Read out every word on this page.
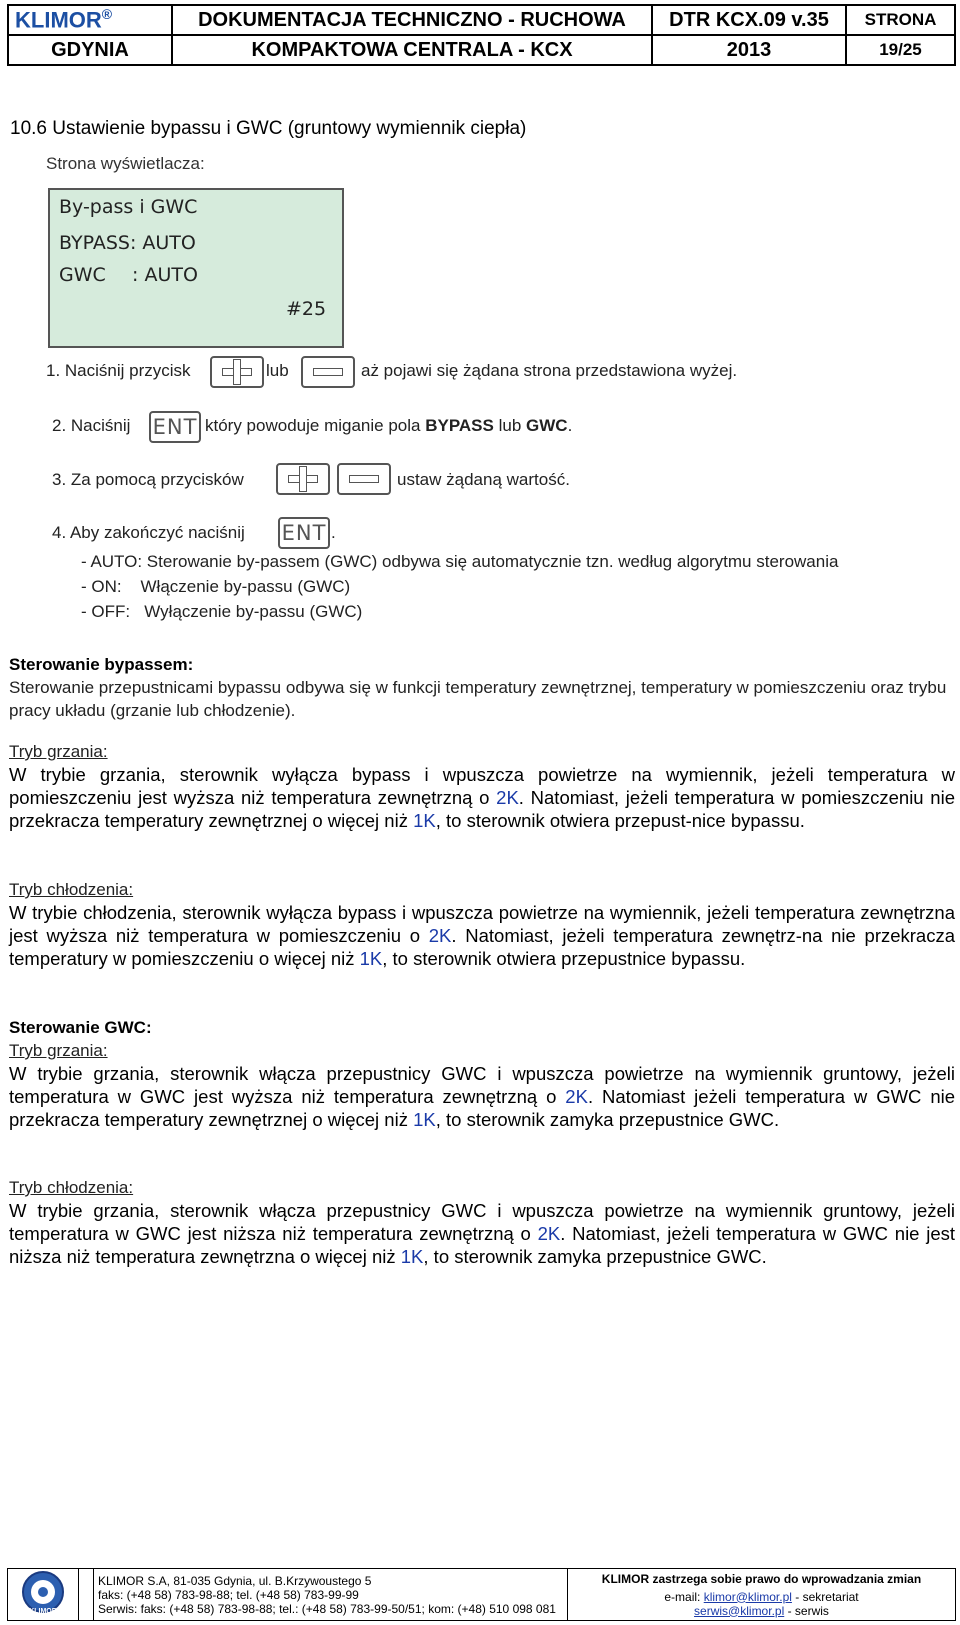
KLIMOR®	DOKUMENTACJA TECHNICZNO - RUCHOWA	DTR KCX.09 v.35	STRONA
GDYNIA	KOMPAKTOWA CENTRALA - KCX	2013	19/25
10.6 Ustawienie bypassu i GWC (gruntowy wymiennik ciepła)
Strona wyświetlacza:
By-pass i GWC
BYPASS: AUTO
GWC : AUTO
#25
1. Naciśnij przycisk	lub	aż pojawi się żądana strona przedstawiona wyżej.
2. Naciśnij ENT który powoduje miganie pola BYPASS lub GWC.
3. Za pomocą przycisków	ustaw żądaną wartość.
4. Aby zakończyć naciśnij ENT .
- AUTO: Sterowanie by-passem (GWC) odbywa się automatycznie tzn. według algorytmu sterowania
- ON:    Włączenie by-passu (GWC)
- OFF:   Wyłączenie by-passu (GWC)
Sterowanie bypassem:
Sterowanie przepustnicami bypassu odbywa się w funkcji temperatury zewnętrznej, temperatury w pomieszczeniu oraz trybu pracy układu (grzanie lub chłodzenie).
Tryb grzania:
W trybie grzania, sterownik wyłącza bypass i wpuszcza powietrze na wymiennik, jeżeli temperatura w pomieszczeniu jest wyższa niż temperatura zewnętrzną o 2K. Natomiast, jeżeli temperatura w pomieszczeniu nie przekracza temperatury zewnętrznej o więcej niż 1K, to sterownik otwiera przepust-nice bypassu.
Tryb chłodzenia:
W trybie chłodzenia, sterownik wyłącza bypass i wpuszcza powietrze na wymiennik, jeżeli temperatura zewnętrzna jest wyższa niż temperatura w pomieszczeniu o 2K. Natomiast, jeżeli temperatura zewnętrz-na nie przekracza temperatury w pomieszczeniu o więcej niż 1K, to sterownik otwiera przepustnice bypassu.
Sterowanie GWC:
Tryb grzania:
W trybie grzania, sterownik włącza przepustnicy GWC i wpuszcza powietrze na wymiennik gruntowy, jeżeli temperatura w GWC jest wyższa niż temperatura zewnętrzną o 2K. Natomiast jeżeli temperatura w GWC nie przekracza temperatury zewnętrznej o więcej niż 1K, to sterownik zamyka przepustnice GWC.
Tryb chłodzenia:
W trybie grzania, sterownik włącza przepustnicy GWC i wpuszcza powietrze na wymiennik gruntowy, jeżeli temperatura w GWC jest niższa niż temperatura zewnętrzną o 2K. Natomiast, jeżeli temperatura w GWC nie jest niższa niż temperatura zewnętrzna o więcej niż 1K, to sterownik zamyka przepustnice GWC.
KLIMOR

KLIMOR S.A, 81-035 Gdynia, ul. B.Krzywoustego 5
faks: (+48 58) 783-98-88; tel. (+48 58) 783-99-99
Serwis: faks: (+48 58) 783-98-88; tel.: (+48 58) 783-99-50/51; kom: (+48) 510 098 081

KLIMOR zastrzega sobie prawo do wprowadzania zmian
e-mail: klimor@klimor.pl - sekretariat
serwis@klimor.pl - serwis
